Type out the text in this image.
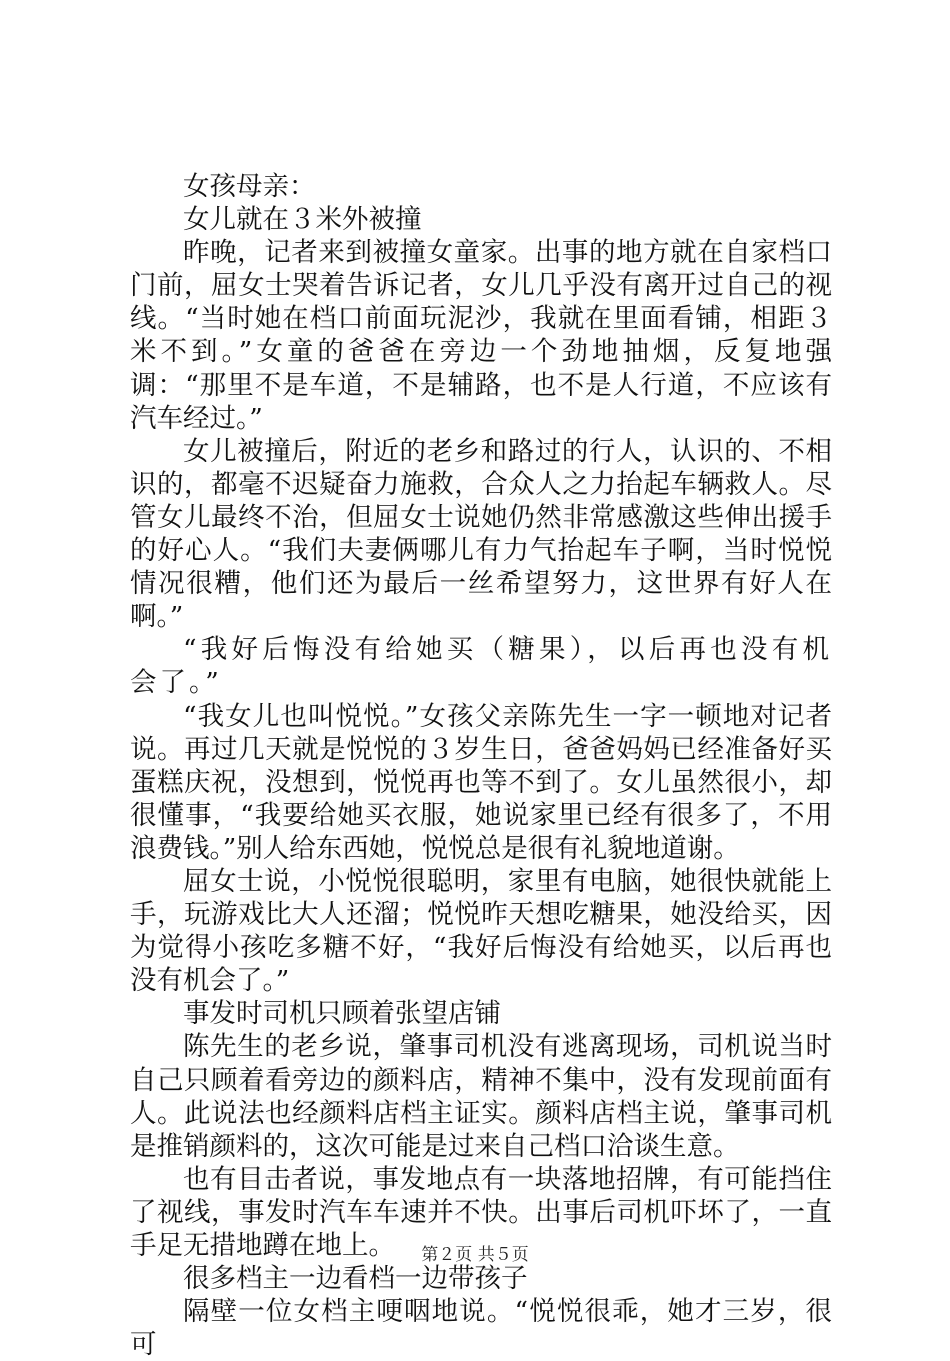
女孩母亲：

女儿就在３米外被撞

昨晚，记者来到被撞女童家。出事的地方就在自家档口门前，屈女士哭着告诉记者，女儿几乎没有离开过自己的视线。“当时她在档口前面玩泥沙，我就在里面看铺，相距３米不到。”女童的爸爸在旁边一个劲地抽烟，反复地强调：“那里不是车道，不是辅路，也不是人行道，不应该有汽车经过。”

女儿被撞后，附近的老乡和路过的行人，认识的、不相识的，都毫不迟疑奋力施救，合众人之力抬起车辆救人。尽管女儿最终不治，但屈女士说她仍然非常感激这些伸出援手的好心人。“我们夫妻俩哪儿有力气抬起车子啊，当时悦悦情况很糟，他们还为最后一丝希望努力，这世界有好人在啊。”

“我好后悔没有给她买（糖果），以后再也没有机会了。”

“我女儿也叫悦悦。”女孩父亲陈先生一字一顿地对记者说。再过几天就是悦悦的３岁生日，爸爸妈妈已经准备好买蛋糕庆祝，没想到，悦悦再也等不到了。女儿虽然很小，却很懂事，“我要给她买衣服，她说家里已经有很多了，不用浪费钱。”别人给东西她，悦悦总是很有礼貌地道谢。

屈女士说，小悦悦很聪明，家里有电脑，她很快就能上手，玩游戏比大人还溜；悦悦昨天想吃糖果，她没给买，因为觉得小孩吃多糖不好，“我好后悔没有给她买，以后再也没有机会了。”

事发时司机只顾着张望店铺

陈先生的老乡说，肇事司机没有逃离现场，司机说当时自己只顾着看旁边的颜料店，精神不集中，没有发现前面有人。此说法也经颜料店档主证实。颜料店档主说，肇事司机是推销颜料的，这次可能是过来自己档口洽谈生意。

也有目击者说，事发地点有一块落地招牌，有可能挡住了视线，事发时汽车车速并不快。出事后司机吓坏了，一直手足无措地蹲在地上。

很多档主一边看档一边带孩子

隔壁一位女档主哽咽地说。“悦悦很乖，她才三岁，很可

第２页 共５页
